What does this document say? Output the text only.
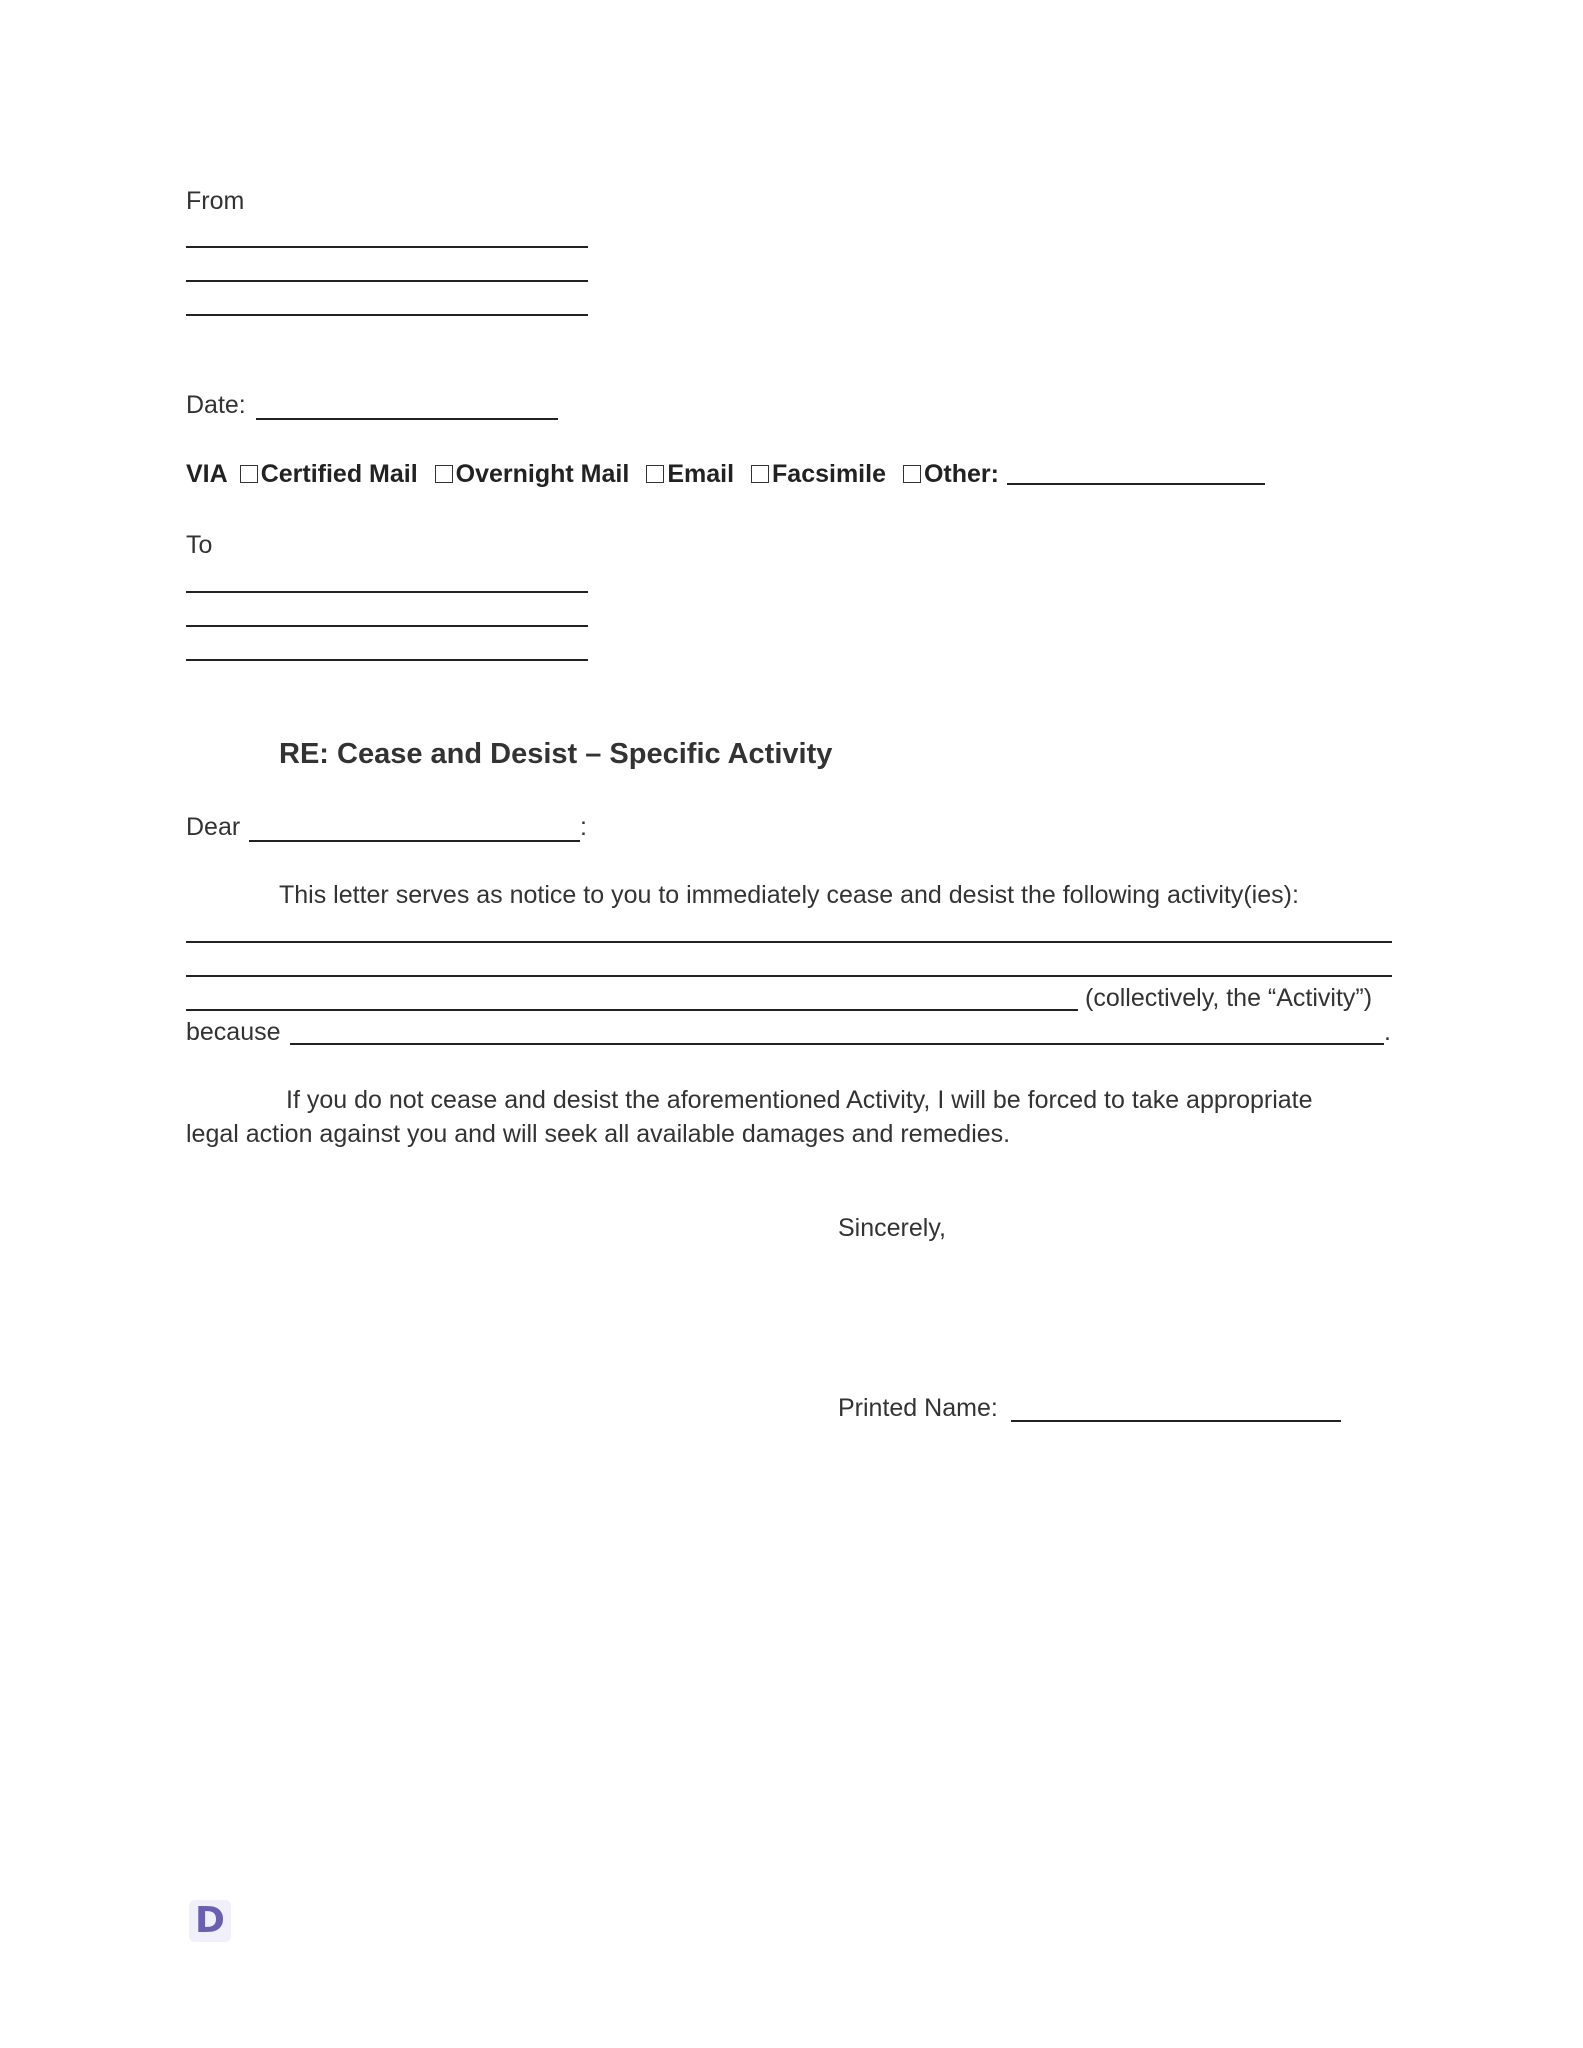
From
Date:
VIA Certified Mail Overnight Mail Email Facsimile Other:
To
RE: Cease and Desist – Specific Activity
Dear	:
This letter serves as notice to you to immediately cease and desist the following activity(ies):
(collectively, the “Activity”)
because	.
If you do not cease and desist the aforementioned Activity, I will be forced to take appropriate
legal action against you and will seek all available damages and remedies.
Sincerely,
Printed Name:
D
